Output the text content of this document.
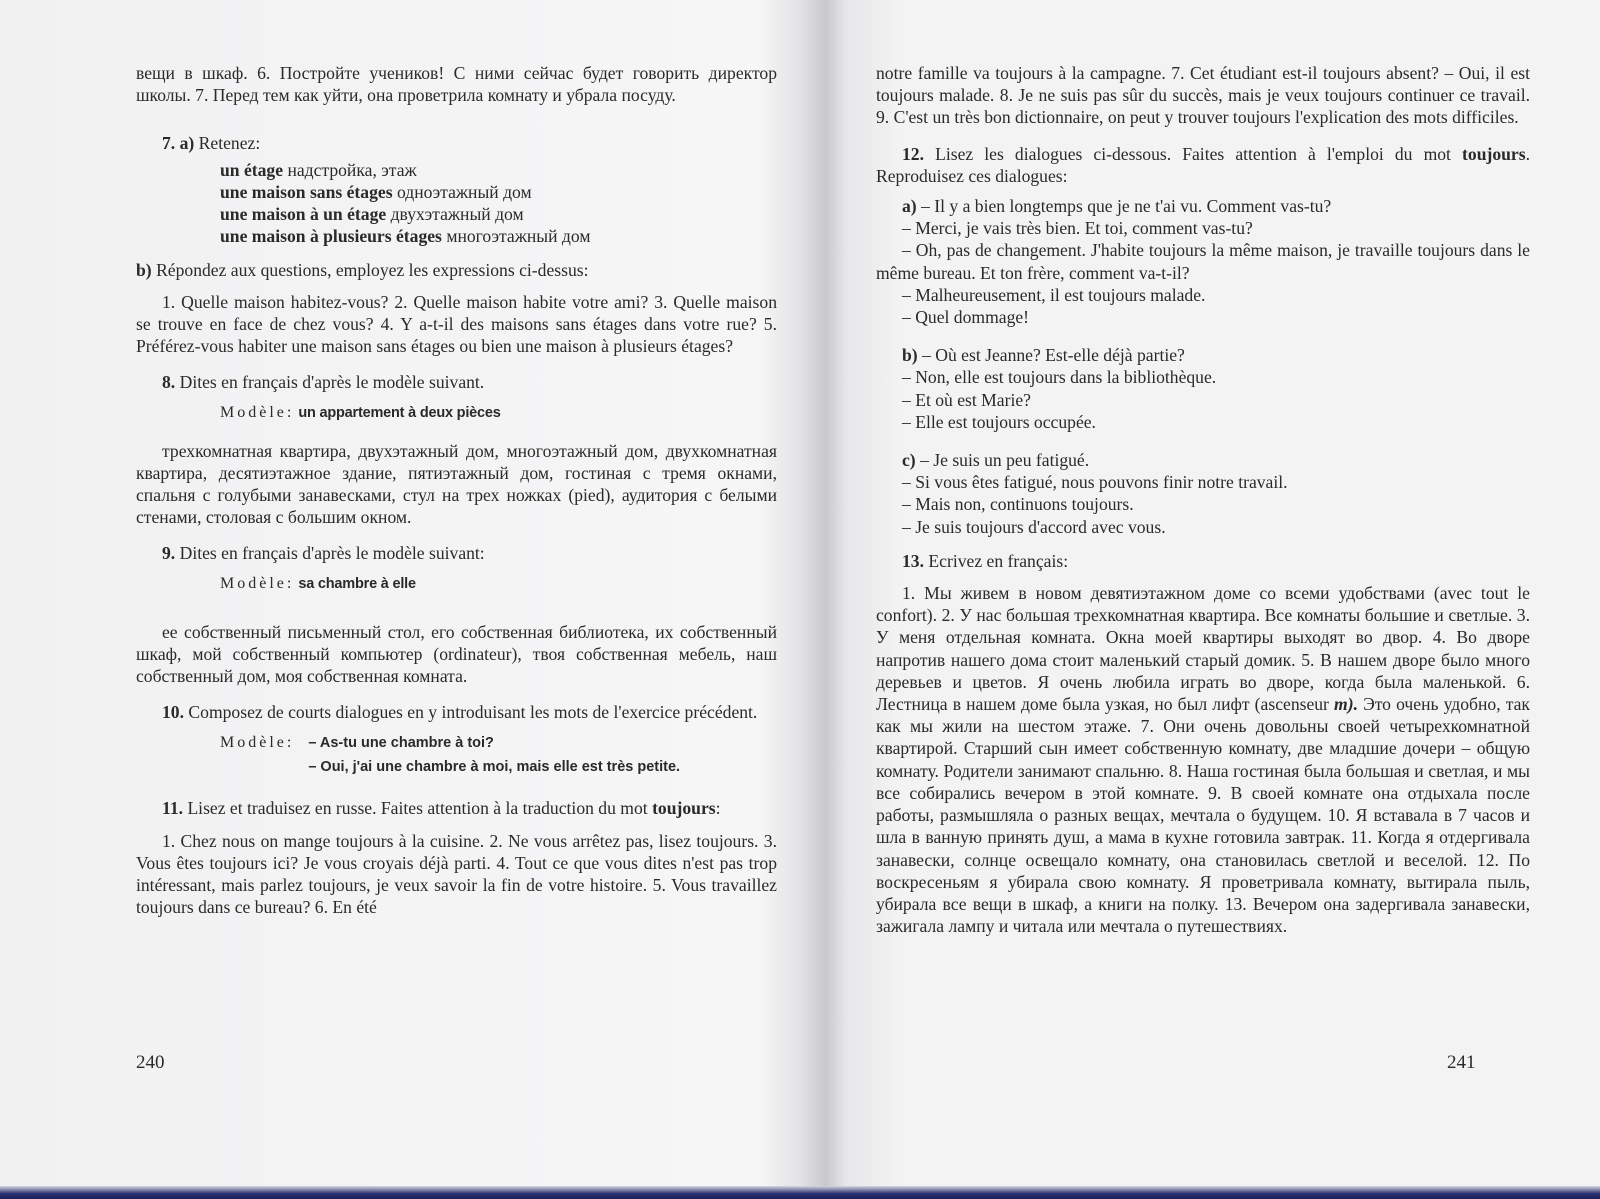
вещи в шкаф. 6. Постройте учеников! С ними сейчас будет говорить директор школы. 7. Перед тем как уйти, она проветрила комнату и убрала посуду.

7. a) Retenez:

un étage надстройка, этаж
une maison sans étages одноэтажный дом
une maison à un étage двухэтажный дом
une maison à plusieurs étages многоэтажный дом

b) Répondez aux questions, employez les expressions ci-dessus:

1. Quelle maison habitez-vous? 2. Quelle maison habite votre ami? 3. Quelle maison se trouve en face de chez vous? 4. Y a-t-il des maisons sans étages dans votre rue? 5. Préférez-vous habiter une maison sans étages ou bien une maison à plusieurs étages?

8. Dites en français d'après le modèle suivant.

Modèle: un appartement à deux pièces

трехкомнатная квартира, двухэтажный дом, многоэтажный дом, двухкомнатная квартира, десятиэтажное здание, пятиэтажный дом, гостиная с тремя окнами, спальня с голубыми занавесками, стул на трех ножках (pied), аудитория с белыми стенами, столовая с большим окном.

9. Dites en français d'après le modèle suivant:

Modèle: sa chambre à elle

ее собственный письменный стол, его собственная библиотека, их собственный шкаф, мой собственный компьютер (ordinateur), твоя собственная мебель, наш собственный дом, моя собственная комната.

10. Composez de courts dialogues en y introduisant les mots de l'exercice précédent.

Modèle: – As-tu une chambre à toi?
– Oui, j'ai une chambre à moi, mais elle est très petite.

11. Lisez et traduisez en russe. Faites attention à la traduction du mot toujours:

1. Chez nous on mange toujours à la cuisine. 2. Ne vous arrêtez pas, lisez toujours. 3. Vous êtes toujours ici? Je vous croyais déjà parti. 4. Tout ce que vous dites n'est pas trop intéressant, mais parlez toujours, je veux savoir la fin de votre histoire. 5. Vous travaillez toujours dans ce bureau? 6. En été

240

notre famille va toujours à la campagne. 7. Cet étudiant est-il toujours absent? – Oui, il est toujours malade. 8. Je ne suis pas sûr du succès, mais je veux toujours continuer ce travail. 9. C'est un très bon dictionnaire, on peut y trouver toujours l'explication des mots difficiles.

12. Lisez les dialogues ci-dessous. Faites attention à l'emploi du mot toujours. Reproduisez ces dialogues:

a) – Il y a bien longtemps que je ne t'ai vu. Comment vas-tu?
– Merci, je vais très bien. Et toi, comment vas-tu?

– Oh, pas de changement. J'habite toujours la même maison, je travaille toujours dans le même bureau. Et ton frère, comment va-t-il?

– Malheureusement, il est toujours malade.
– Quel dommage!
b) – Où est Jeanne? Est-elle déjà partie?
– Non, elle est toujours dans la bibliothèque.
– Et où est Marie?
– Elle est toujours occupée.
c) – Je suis un peu fatigué.
– Si vous êtes fatigué, nous pouvons finir notre travail.
– Mais non, continuons toujours.
– Je suis toujours d'accord avec vous.

13. Ecrivez en français:

1. Мы живем в новом девятиэтажном доме со всеми удобствами (avec tout le confort). 2. У нас большая трехкомнатная квартира. Все комнаты большие и светлые. 3. У меня отдельная комната. Окна моей квартиры выходят во двор. 4. Во дворе напротив нашего дома стоит маленький старый домик. 5. В нашем дворе было много деревьев и цветов. Я очень любила играть во дворе, когда была маленькой. 6. Лестница в нашем доме была узкая, но был лифт (ascenseur m). Это очень удобно, так как мы жили на шестом этаже. 7. Они очень довольны своей четырехкомнатной квартирой. Старший сын имеет собственную комнату, две младшие дочери – общую комнату. Родители занимают спальню. 8. Наша гостиная была большая и светлая, и мы все собирались вечером в этой комнате. 9. В своей комнате она отдыхала после работы, размышляла о разных вещах, мечтала о будущем. 10. Я вставала в 7 часов и шла в ванную принять душ, а мама в кухне готовила завтрак. 11. Когда я отдергивала занавески, солнце освещало комнату, она становилась светлой и веселой. 12. По воскресеньям я убирала свою комнату. Я проветривала комнату, вытирала пыль, убирала все вещи в шкаф, а книги на полку. 13. Вечером она задергивала занавески, зажигала лампу и читала или мечтала о путешествиях.

241
